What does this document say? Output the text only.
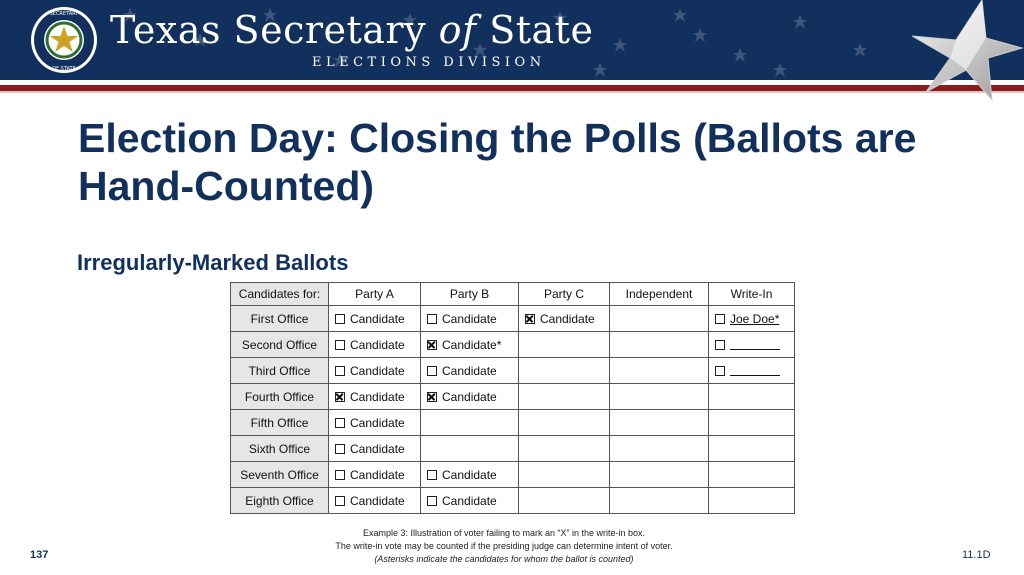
SECRETARY
OF STATE
Texas Secretary of State
ELECTIONS DIVISION
Election Day: Closing the Polls (Ballots are Hand-Counted)
Irregularly-Marked Ballots
Candidates for:	Party A	Party B	Party C	Independent	Write-In
First Office	Candidate	Candidate	Candidate		Joe Doe*

Second Office	Candidate	Candidate*			

Third Office	Candidate	Candidate			

Fourth Office	Candidate	Candidate			

Fifth Office	Candidate				

Sixth Office	Candidate				

Seventh Office	Candidate	Candidate			

Eighth Office	Candidate	Candidate			

Example 3: Illustration of voter failing to mark an “X” in the write-in box.
The write-in vote may be counted if the presiding judge can determine intent of voter.
(Asterisks indicate the candidates for whom the ballot is counted)
137	11.1D
